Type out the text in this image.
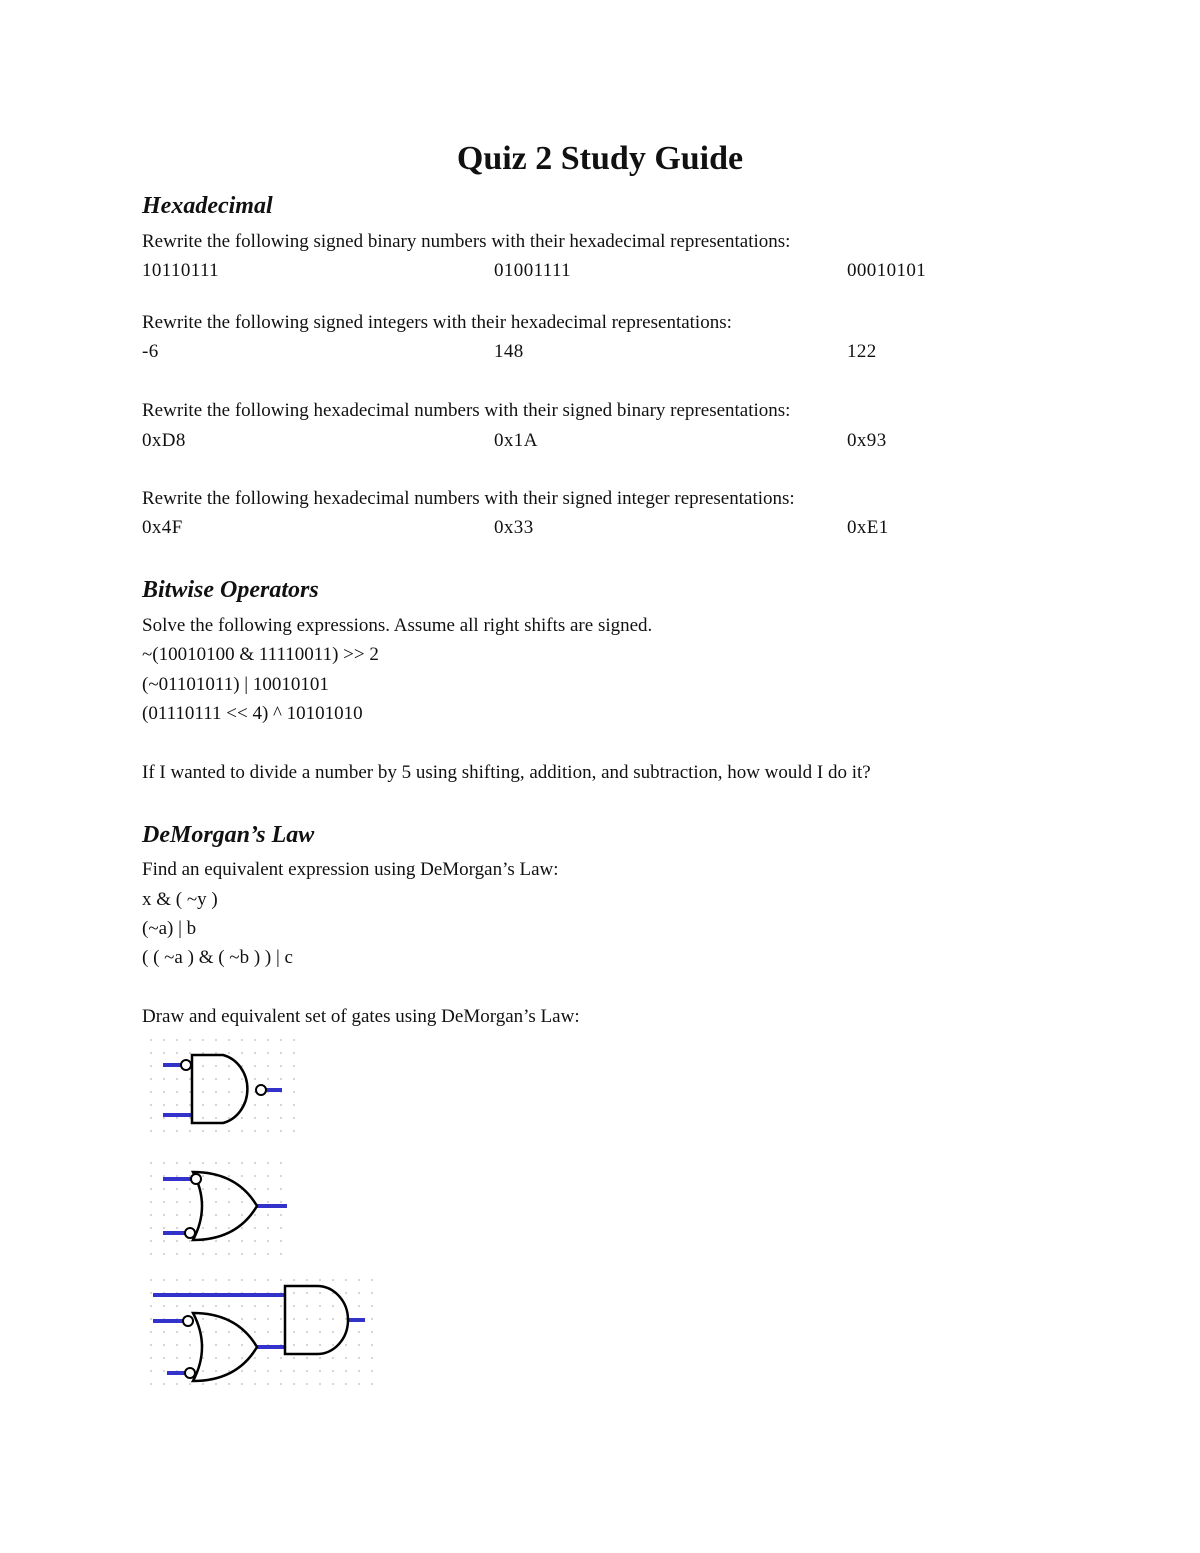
Quiz 2 Study Guide
Hexadecimal
Rewrite the following signed binary numbers with their hexadecimal representations:
10110111	01001111	00010101
Rewrite the following signed integers with their hexadecimal representations:
-6	148	122
Rewrite the following hexadecimal numbers with their signed binary representations:
0xD8	0x1A	0x93
Rewrite the following hexadecimal numbers with their signed integer representations:
0x4F	0x33	0xE1
Bitwise Operators
Solve the following expressions. Assume all right shifts are signed.
~(10010100 & 11110011) >> 2
(~01101011) | 10010101
(01110111 << 4) ^ 10101010
If I wanted to divide a number by 5 using shifting, addition, and subtraction, how would I do it?
DeMorgan’s Law
Find an equivalent expression using DeMorgan’s Law:
x & ( ~y )
(~a) | b
( ( ~a ) & ( ~b ) ) | c
Draw and equivalent set of gates using DeMorgan’s Law:
